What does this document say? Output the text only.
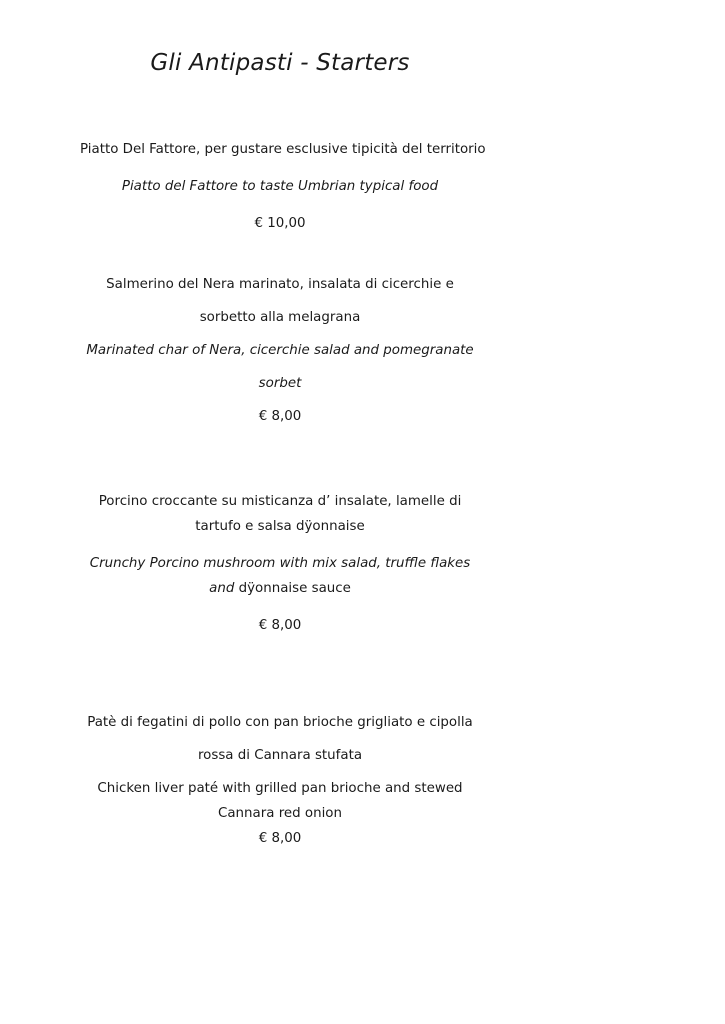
Gli Antipasti - Starters

Piatto Del Fattore, per gustare esclusive tipicità del territorio

Piatto del Fattore to taste Umbrian typical food

€ 10,00

Salmerino del Nera marinato, insalata di cicerchie e

sorbetto alla melagrana

Marinated char of Nera, cicerchie salad and pomegranate

sorbet

€ 8,00

Porcino croccante su misticanza d’ insalate, lamelle di

tartufo e salsa dÿonnaise

Crunchy Porcino mushroom with mix salad, truffle flakes

and dÿonnaise sauce

€ 8,00

Patè di fegatini di pollo con pan brioche grigliato e cipolla

rossa di Cannara stufata

Chicken liver paté with grilled pan brioche and stewed

Cannara red onion

€ 8,00
